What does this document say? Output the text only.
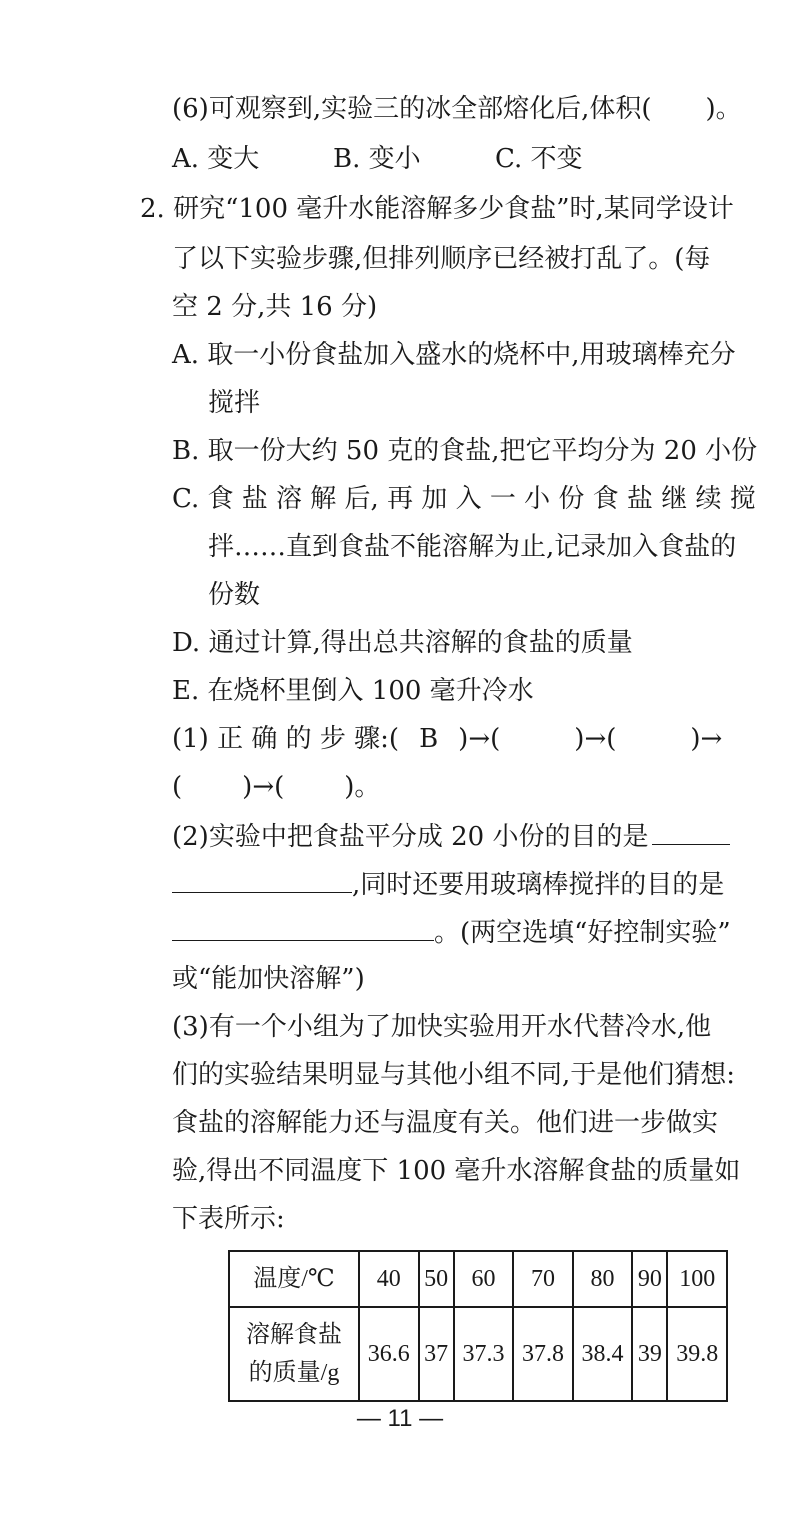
(6)可观察到,实验三的冰全部熔化后,体积( )。
A. 变大	B. 变小	C. 不变
2. 研究“100 毫升水能溶解多少食盐”时,某同学设计
了以下实验步骤,但排列顺序已经被打乱了。(每
空 2 分,共 16 分)
A. 取一小份食盐加入盛水的烧杯中,用玻璃棒充分
搅拌
B. 取一份大约 50 克的食盐,把它平均分为 20 小份
C. 食 盐 溶 解 后, 再 加 入 一 小 份 食 盐 继 续 搅
拌……直到食盐不能溶解为止,记录加入食盐的
份数
D. 通过计算,得出总共溶解的食盐的质量
E. 在烧杯里倒入 100 毫升冷水
(1) 正 确 的 步 骤:( B )→(	)→(	)→
( )→( )。
(2)实验中把食盐平分成 20 小份的目的是
,同时还要用玻璃棒搅拌的目的是
。(两空选填“好控制实验”
或“能加快溶解”)
(3)有一个小组为了加快实验用开水代替冷水,他
们的实验结果明显与其他小组不同,于是他们猜想:
食盐的溶解能力还与温度有关。他们进一步做实
验,得出不同温度下 100 毫升水溶解食盐的质量如
下表所示:
温度/℃	40	50	60	70	80	90	100

溶解食盐
的质量/g	36.6	37	37.3	37.8	38.4	39	39.8
— 11 —
